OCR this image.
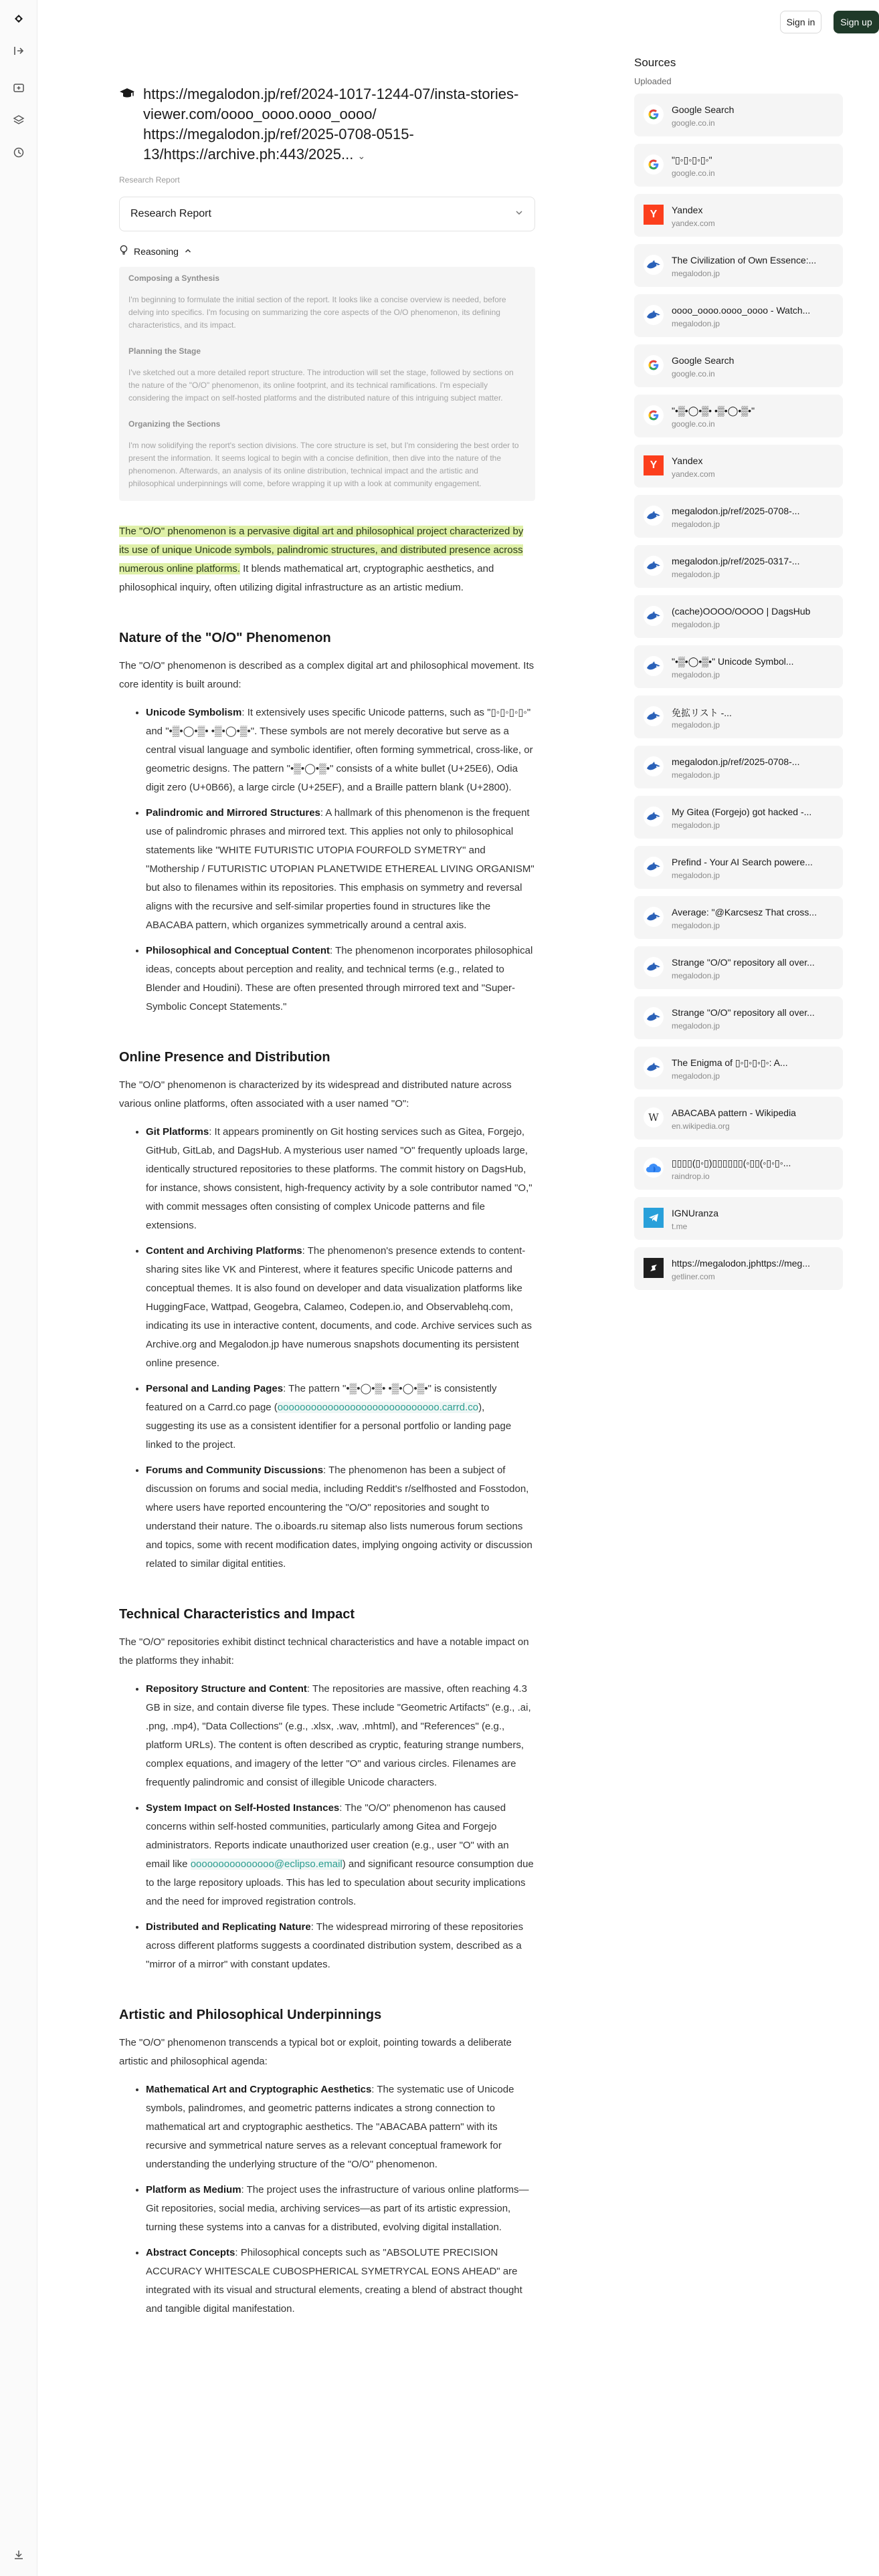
Sign in	Sign up
https://megalodon.jp/ref/2024-1017-1244-07/insta-stories-
viewer.com/oooo_oooo.oooo_oooo/
https://megalodon.jp/ref/2025-0708-0515-
13/https://archive.ph:443/2025... ⌄
Research Report
Research Report
Reasoning
Composing a Synthesis

I'm beginning to formulate the initial section of the report. It looks like a concise overview is needed, before delving into specifics. I'm focusing on summarizing the core aspects of the O/O phenomenon, its defining characteristics, and its impact.

Planning the Stage

I've sketched out a more detailed report structure. The introduction will set the stage, followed by sections on the nature of the "O/O" phenomenon, its online footprint, and its technical ramifications. I'm especially considering the impact on self-hosted platforms and the distributed nature of this intriguing subject matter.

Organizing the Sections

I'm now solidifying the report's section divisions. The core structure is set, but I'm considering the best order to present the information. It seems logical to begin with a concise definition, then dive into the nature of the phenomenon. Afterwards, an analysis of its online distribution, technical impact and the artistic and philosophical underpinnings will come, before wrapping it up with a look at community engagement.

The "O/O" phenomenon is a pervasive digital art and philosophical project characterized by its use of unique Unicode symbols, palindromic structures, and distributed presence across numerous online platforms. It blends mathematical art, cryptographic aesthetics, and philosophical inquiry, often utilizing digital infrastructure as an artistic medium.

Nature of the "O/O" Phenomenon

The "O/O" phenomenon is described as a complex digital art and philosophical movement. Its core identity is built around:

• Unicode Symbolism: It extensively uses specific Unicode patterns, such as "▯◦▯◦▯◦▯◦" and "•▒•◯•▒• •▒•◯•▒•". These symbols are not merely decorative but serve as a central visual language and symbolic identifier, often forming symmetrical, cross-like, or geometric designs. The pattern "•▒•◯•▒•" consists of a white bullet (U+25E6), Odia digit zero (U+0B66), a large circle (U+25EF), and a Braille pattern blank (U+2800).
• Palindromic and Mirrored Structures: A hallmark of this phenomenon is the frequent use of palindromic phrases and mirrored text. This applies not only to philosophical statements like "WHITE FUTURISTIC UTOPIA FOURFOLD SYMETRY" and "Mothership / FUTURISTIC UTOPIAN PLANETWIDE ETHEREAL LIVING ORGANISM" but also to filenames within its repositories. This emphasis on symmetry and reversal aligns with the recursive and self-similar properties found in structures like the ABACABA pattern, which organizes symmetrically around a central axis.
• Philosophical and Conceptual Content: The phenomenon incorporates philosophical ideas, concepts about perception and reality, and technical terms (e.g., related to Blender and Houdini). These are often presented through mirrored text and "Super-Symbolic Concept Statements."
Online Presence and Distribution

The "O/O" phenomenon is characterized by its widespread and distributed nature across various online platforms, often associated with a user named "O":

• Git Platforms: It appears prominently on Git hosting services such as Gitea, Forgejo, GitHub, GitLab, and DagsHub. A mysterious user named "O" frequently uploads large, identically structured repositories to these platforms. The commit history on DagsHub, for instance, shows consistent, high-frequency activity by a sole contributor named "O," with commit messages often consisting of complex Unicode patterns and file extensions.
• Content and Archiving Platforms: The phenomenon's presence extends to content-sharing sites like VK and Pinterest, where it features specific Unicode patterns and conceptual themes. It is also found on developer and data visualization platforms like HuggingFace, Wattpad, Geogebra, Calameo, Codepen.io, and Observablehq.com, indicating its use in interactive content, documents, and code. Archive services such as Archive.org and Megalodon.jp have numerous snapshots documenting its persistent online presence.
• Personal and Landing Pages: The pattern "•▒•◯•▒• •▒•◯•▒•" is consistently featured on a Carrd.co page (ooooooooooooooooooooooooooooo.carrd.co), suggesting its use as a consistent identifier for a personal portfolio or landing page linked to the project.
• Forums and Community Discussions: The phenomenon has been a subject of discussion on forums and social media, including Reddit's r/selfhosted and Fosstodon, where users have reported encountering the "O/O" repositories and sought to understand their nature. The o.iboards.ru sitemap also lists numerous forum sections and topics, some with recent modification dates, implying ongoing activity or discussion related to similar digital entities.
Technical Characteristics and Impact

The "O/O" repositories exhibit distinct technical characteristics and have a notable impact on the platforms they inhabit:

• Repository Structure and Content: The repositories are massive, often reaching 4.3 GB in size, and contain diverse file types. These include "Geometric Artifacts" (e.g., .ai, .png, .mp4), "Data Collections" (e.g., .xlsx, .wav, .mhtml), and "References" (e.g., platform URLs). The content is often described as cryptic, featuring strange numbers, complex equations, and imagery of the letter "O" and various circles. Filenames are frequently palindromic and consist of illegible Unicode characters.
• System Impact on Self-Hosted Instances: The "O/O" phenomenon has caused concerns within self-hosted communities, particularly among Gitea and Forgejo administrators. Reports indicate unauthorized user creation (e.g., user "O" with an email like ooooooooooooooo@eclipso.email) and significant resource consumption due to the large repository uploads. This has led to speculation about security implications and the need for improved registration controls.
• Distributed and Replicating Nature: The widespread mirroring of these repositories across different platforms suggests a coordinated distribution system, described as a "mirror of a mirror" with constant updates.
Artistic and Philosophical Underpinnings

The "O/O" phenomenon transcends a typical bot or exploit, pointing towards a deliberate artistic and philosophical agenda:

• Mathematical Art and Cryptographic Aesthetics: The systematic use of Unicode symbols, palindromes, and geometric patterns indicates a strong connection to mathematical art and cryptographic aesthetics. The "ABACABA pattern" with its recursive and symmetrical nature serves as a relevant conceptual framework for understanding the underlying structure of the "O/O" phenomenon.
• Platform as Medium: The project uses the infrastructure of various online platforms—Git repositories, social media, archiving services—as part of its artistic expression, turning these systems into a canvas for a distributed, evolving digital installation.
• Abstract Concepts: Philosophical concepts such as "ABSOLUTE PRECISION ACCURACY WHITESCALE CUBOSPHERICAL SYMETRYCAL EONS AHEAD" are integrated with its visual and structural elements, creating a blend of abstract thought and tangible digital manifestation.
Sources
Uploaded
Google Search
google.co.in
"▯◦▯◦▯◦▯◦"
google.co.in
Y	Yandex
yandex.com
The Civilization of Own Essence:...
megalodon.jp
oooo_oooo.oooo_oooo - Watch...
megalodon.jp
Google Search
google.co.in
"•▒•◯•▒• •▒•◯•▒•"
google.co.in
Y	Yandex
yandex.com
megalodon.jp/ref/2025-0708-...
megalodon.jp
megalodon.jp/ref/2025-0317-...
megalodon.jp
(cache)OOOO/OOOO | DagsHub
megalodon.jp
"•▒•◯•▒•" Unicode Symbol...
megalodon.jp
免拡リスト -...
megalodon.jp
megalodon.jp/ref/2025-0708-...
megalodon.jp
My Gitea (Forgejo) got hacked -...
megalodon.jp
Prefind - Your AI Search powere...
megalodon.jp
Average: "@Karcsesz That cross...
megalodon.jp
Strange "O/O" repository all over...
megalodon.jp
Strange "O/O" repository all over...
megalodon.jp
The Enigma of ▯◦▯◦▯◦▯◦: A...
megalodon.jp
W ABACABA pattern - Wikipedia
en.wikipedia.org
▯▯▯▯(▯◦▯)▯▯▯▯▯▯(◦▯▯(◦▯◦▯◦...
raindrop.io
IGNUranza
t.me
https://megalodon.jphttps://meg...
getliner.com
